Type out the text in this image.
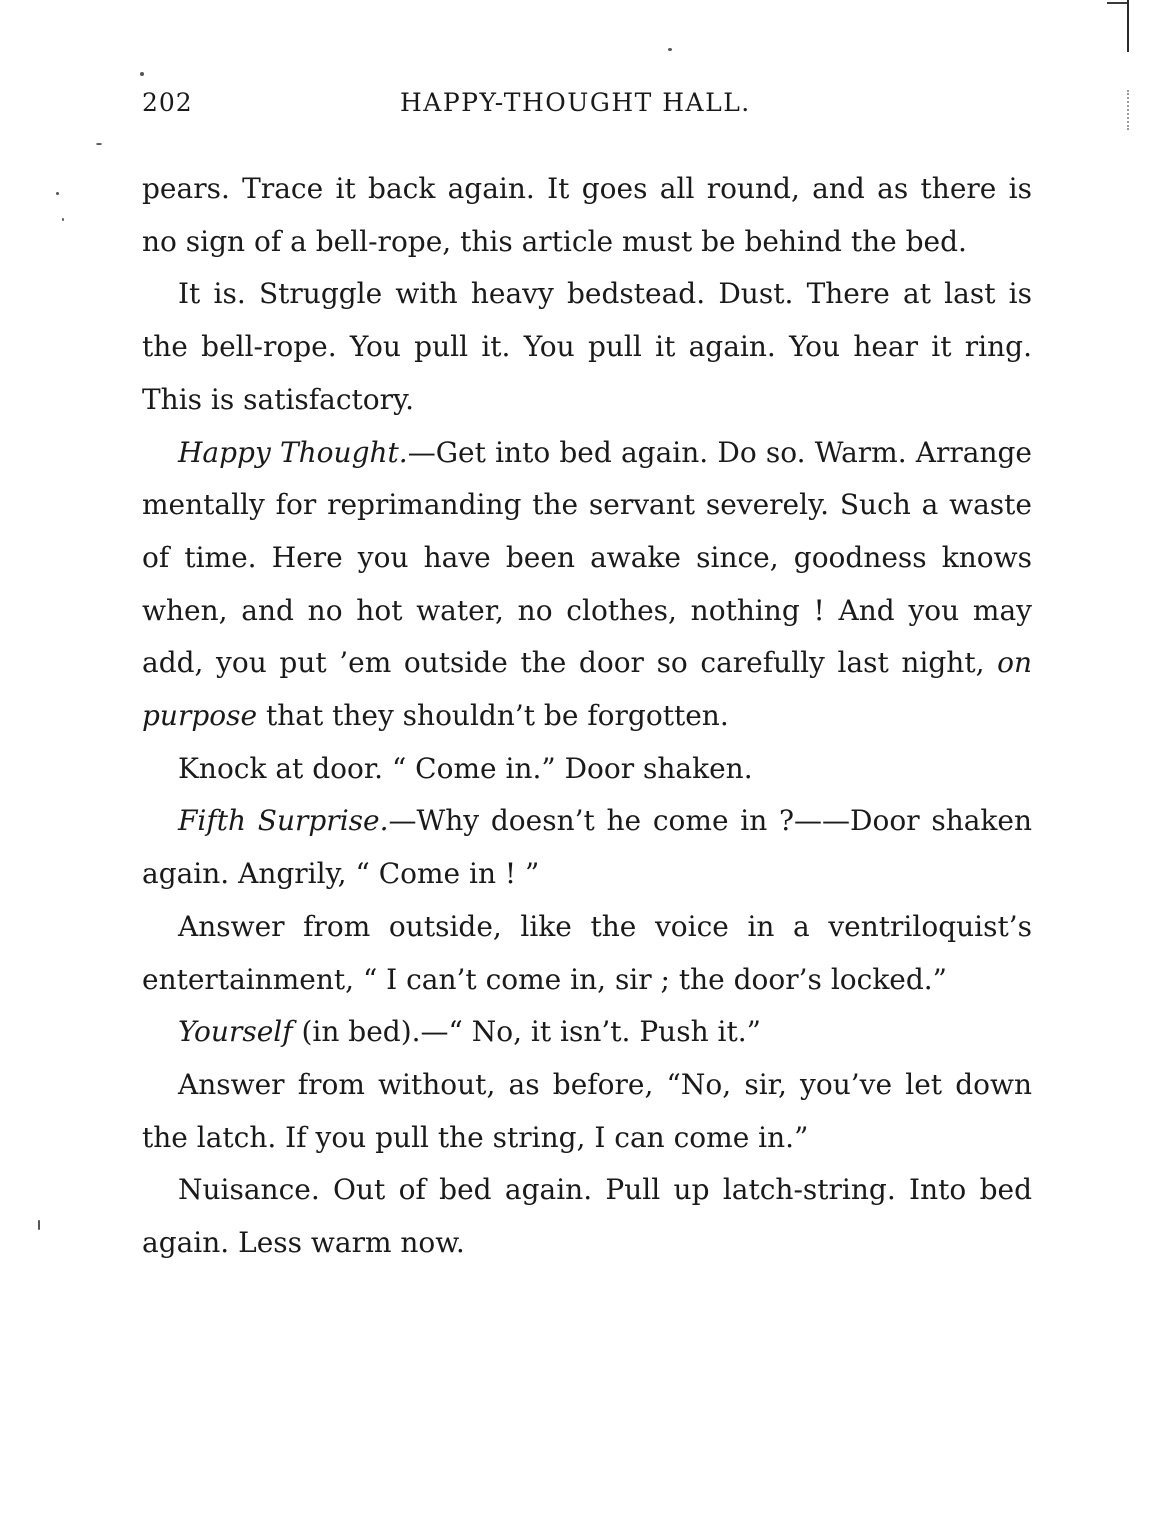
202	HAPPY-THOUGHT HALL.

pears. Trace it back again. It goes all round, and as there is no sign of a bell-rope, this article must be behind the bed.

It is. Struggle with heavy bedstead. Dust. There at last is the bell-rope. You pull it. You pull it again. You hear it ring. This is satisfactory.

Happy Thought.—Get into bed again. Do so. Warm. Arrange mentally for reprimanding the servant severely. Such a waste of time. Here you have been awake since, goodness knows when, and no hot water, no clothes, nothing ! And you may add, you put ’em outside the door so carefully last night, on purpose that they shouldn’t be forgotten.

Knock at door. “ Come in.” Door shaken.

Fifth Surprise.—Why doesn’t he come in ?——Door shaken again. Angrily, “ Come in ! ”

Answer from outside, like the voice in a ventriloquist’s entertainment, “ I can’t come in, sir ; the door’s locked.”

Yourself (in bed).—“ No, it isn’t. Push it.”

Answer from without, as before, “No, sir, you’ve let down the latch. If you pull the string, I can come in.”

Nuisance. Out of bed again. Pull up latch-string. Into bed again. Less warm now.
